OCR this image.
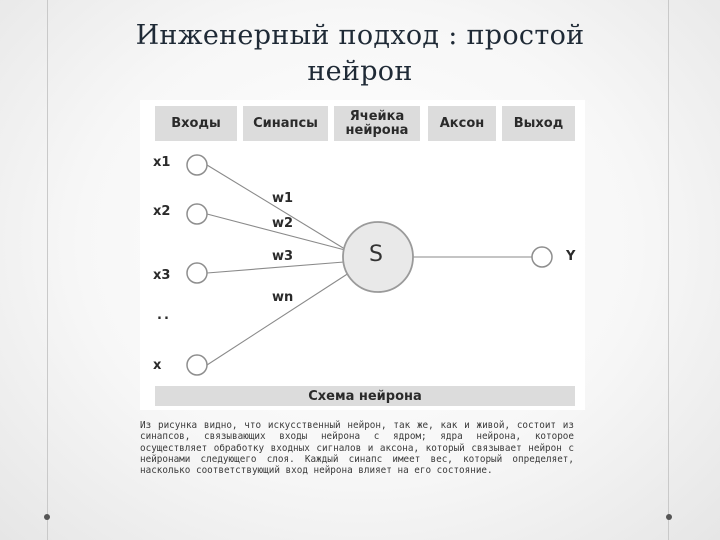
Инженерный подход : простой
нейрон
Входы	Синапсы	Ячейка нейрона	Аксон	Выход
S
x1
x2
x3
..
x
w1
w2
w3
wn
Y
Схема нейрона
Из рисунка видно, что искусственный нейрон, так же, как и живой, состоит из синапсов, связывающих входы нейрона с ядром; ядра нейрона, которое осуществляет обработку входных сигналов и аксона, который связывает нейрон с нейронами следующего слоя. Каждый синапс имеет вес, который определяет, насколько соответствующий вход нейрона влияет на его состояние.
